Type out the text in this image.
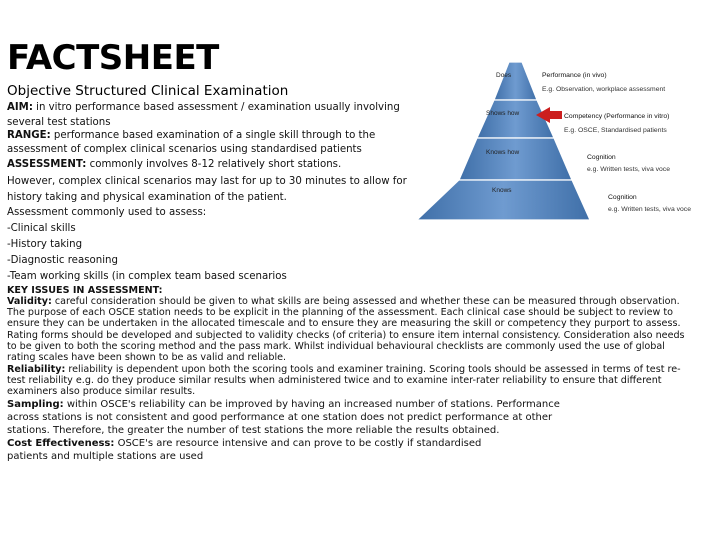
FACTSHEET
Objective Structured Clinical Examination
AIM: in vitro performance based assessment / examination usually involving
several test stations
RANGE: performance based examination of a single skill through to the
assessment of complex clinical scenarios using standardised patients
ASSESSMENT: commonly involves 8-12 relatively short stations.
However, complex clinical scenarios may last for up to 30 minutes to allow for
history taking and physical examination of the patient.
Assessment commonly used to assess:
-Clinical skills
-History taking
-Diagnostic reasoning
-Team working skills (in complex team based scenarios
KEY ISSUES IN ASSESSMENT:
Validity: careful consideration should be given to what skills are being assessed and whether these can be measured through observation. The purpose of each OSCE station needs to be explicit in the planning of the assessment. Each clinical case should be subject to review to ensure they can be undertaken in the allocated timescale and to ensure they are measuring the skill or competency they purport to assess. Rating forms should be developed and subjected to validity checks (of criteria) to ensure item internal consistency. Consideration also needs to be given to both the scoring method and the pass mark. Whilst individual behavioural checklists are commonly used the use of global rating scales have been shown to be as valid and reliable.
Reliability: reliability is dependent upon both the scoring tools and examiner training. Scoring tools should be assessed in terms of test re-test reliability e.g. do they produce similar results when administered twice and to examine inter-rater reliability to ensure that different examiners also produce similar results.
Sampling: within OSCE's reliability can be improved by having an increased number of stations. Performance across stations is not consistent and good performance at one station does not predict performance at other stations. Therefore, the greater the number of test stations the more reliable the results obtained.
Cost Effectiveness: OSCE's are resource intensive and can prove to be costly if standardised patients and multiple stations are used
Does
Shows how
Knows how
Knows
Performance (in vivo)
E.g. Observation, workplace assessment
Competency (Performance in vitro)
E.g. OSCE, Standardised patients
Cognition
e.g. Written tests, viva voce
Cognition
e.g. Written tests, viva voce
